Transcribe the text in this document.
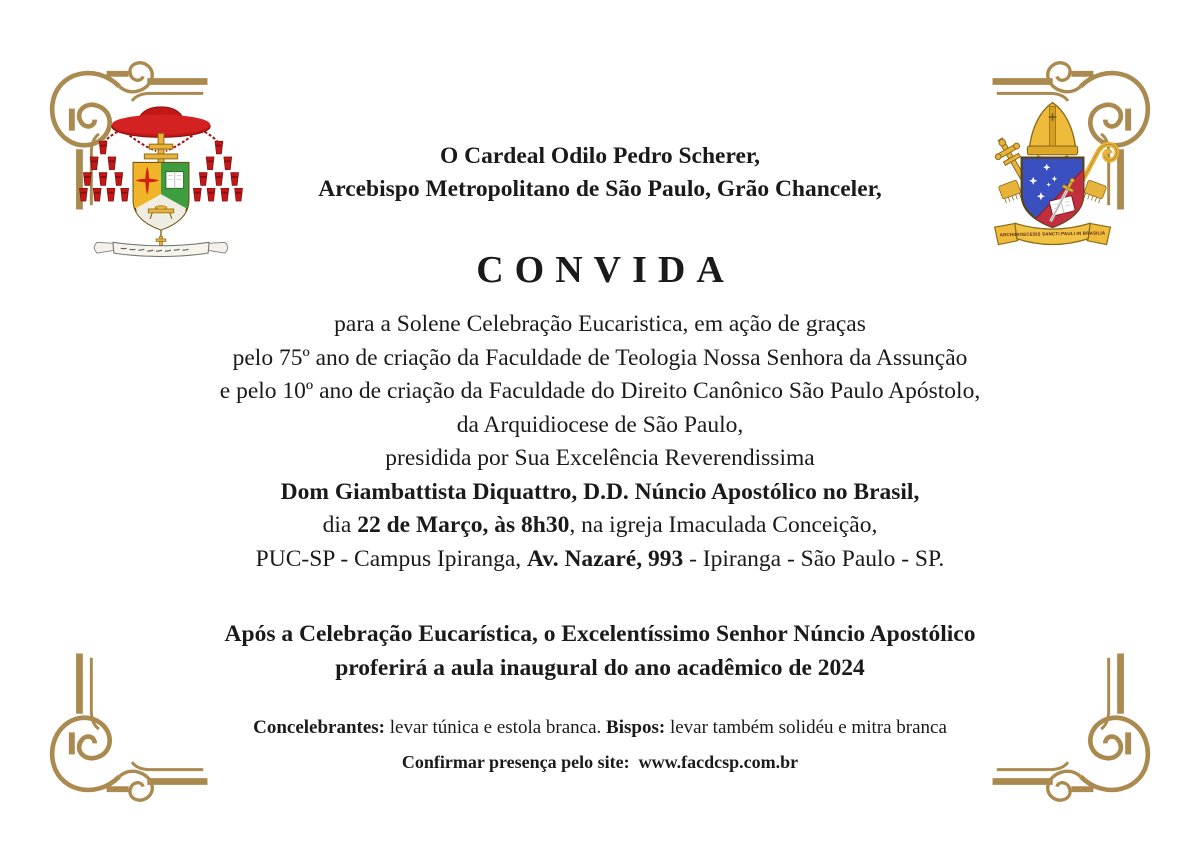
ARCHIDIOECESIS SANCTI PAULI IN BRASILIA
O Cardeal Odilo Pedro Scherer,
Arcebispo Metropolitano de São Paulo, Grão Chanceler,
CONVIDA
para a Solene Celebração Eucaristica, em ação de graças
pelo 75º ano de criação da Faculdade de Teologia Nossa Senhora da Assunção
e pelo 10º ano de criação da Faculdade do Direito Canônico São Paulo Apóstolo,
da Arquidiocese de São Paulo,
presidida por Sua Excelência Reverendissima
Dom Giambattista Diquattro, D.D. Núncio Apostólico no Brasil,
dia 22 de Março, às 8h30, na igreja Imaculada Conceição,
PUC-SP - Campus Ipiranga, Av. Nazaré, 993 - Ipiranga - São Paulo - SP.
Após a Celebração Eucarística, o Excelentíssimo Senhor Núncio Apostólico
proferirá a aula inaugural do ano acadêmico de 2024
Concelebrantes: levar túnica e estola branca. Bispos: levar também solidéu e mitra branca
Confirmar presença pelo site:  www.facdcsp.com.br
